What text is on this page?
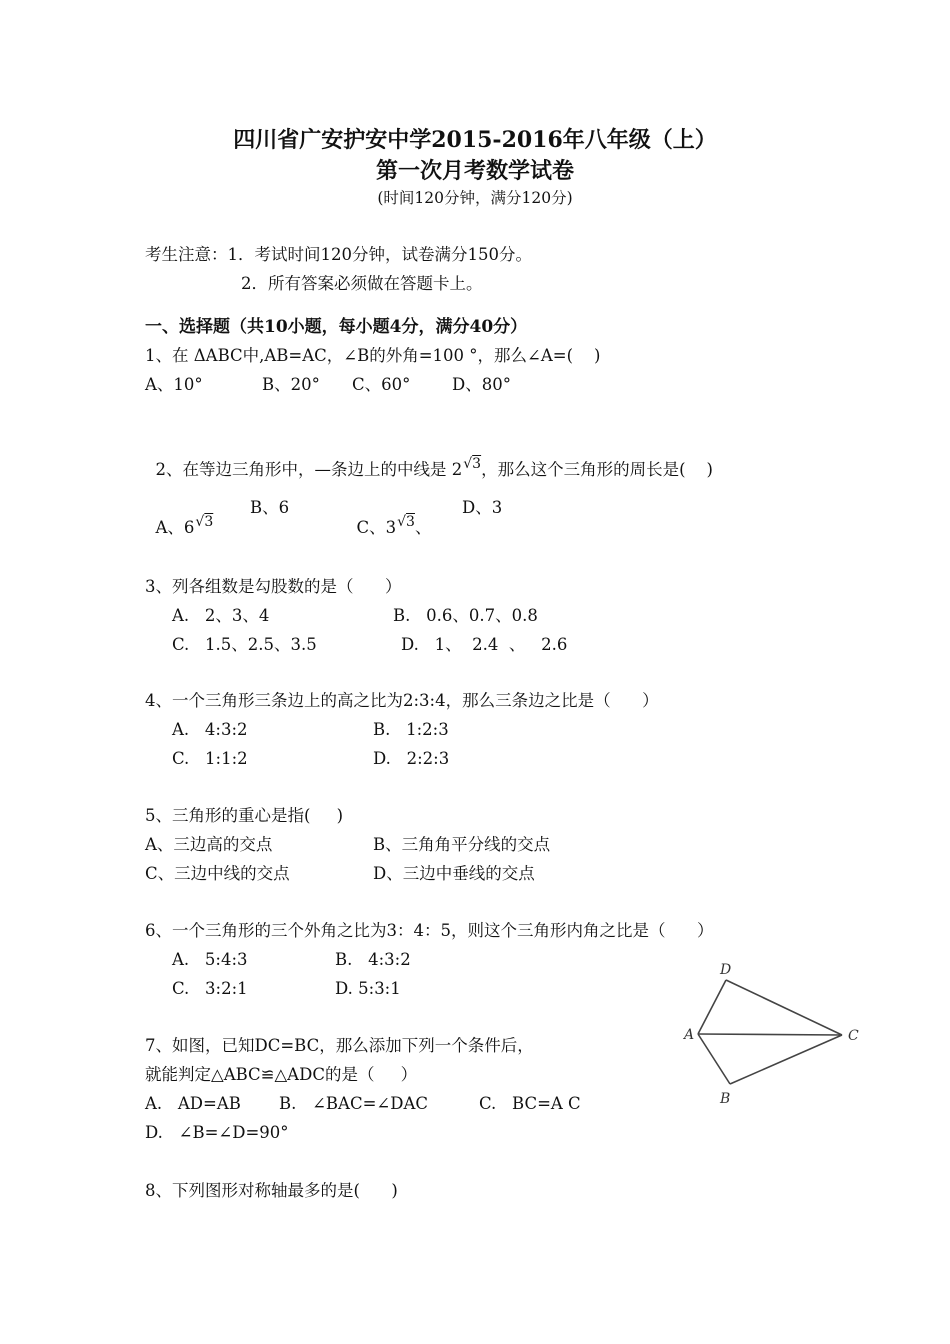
四川省广安护安中学2015-2016年八年级（上）
第一次月考数学试卷
(时间120分钟，满分120分)
考生注意：1．考试时间120分钟，试卷满分150分。
2．所有答案必须做在答题卡上。
一、选择题（共10小题，每小题4分，满分40分）
1、在 ΔABC中,AB=AC，∠B的外角=100 °，那么∠A=(    )
A、10°	B、20° C、60°	D、80°

2、在等边三角形中，—条边上的中线是 2√3，那么这个三角形的周长是(    )

A、6√3

B、6

C、3√3、

D、3
3、列各组数是勾股数的是（      ）
A.   2、3、4	B.   0.6、0.7、0.8
C.   1.5、2.5、3.5	D.   1、  2.4  、   2.6
4、一个三角形三条边上的高之比为2:3:4，那么三条边之比是（      ）
A.   4:3:2	B.   1:2:3
C.   1:1:2	D.   2:2:3
5、三角形的重心是指(     )
A、三边高的交点	B、三角角平分线的交点
C、三边中线的交点	D、三边中垂线的交点
6、一个三角形的三个外角之比为3：4：5，则这个三角形内角之比是（      ）
A.   5:4:3	B.   4:3:2
C.   3:2:1	D. 5:3:1
7、如图，已知DC=BC，那么添加下列一个条件后，
就能判定△ABC≌△ADC的是（     ）
A.   AD=AB B.   ∠BAC=∠DAC	C.   BC=A C
D.   ∠B=∠D=90°
8、下列图形对称轴最多的是(      )
D
A	C
B
